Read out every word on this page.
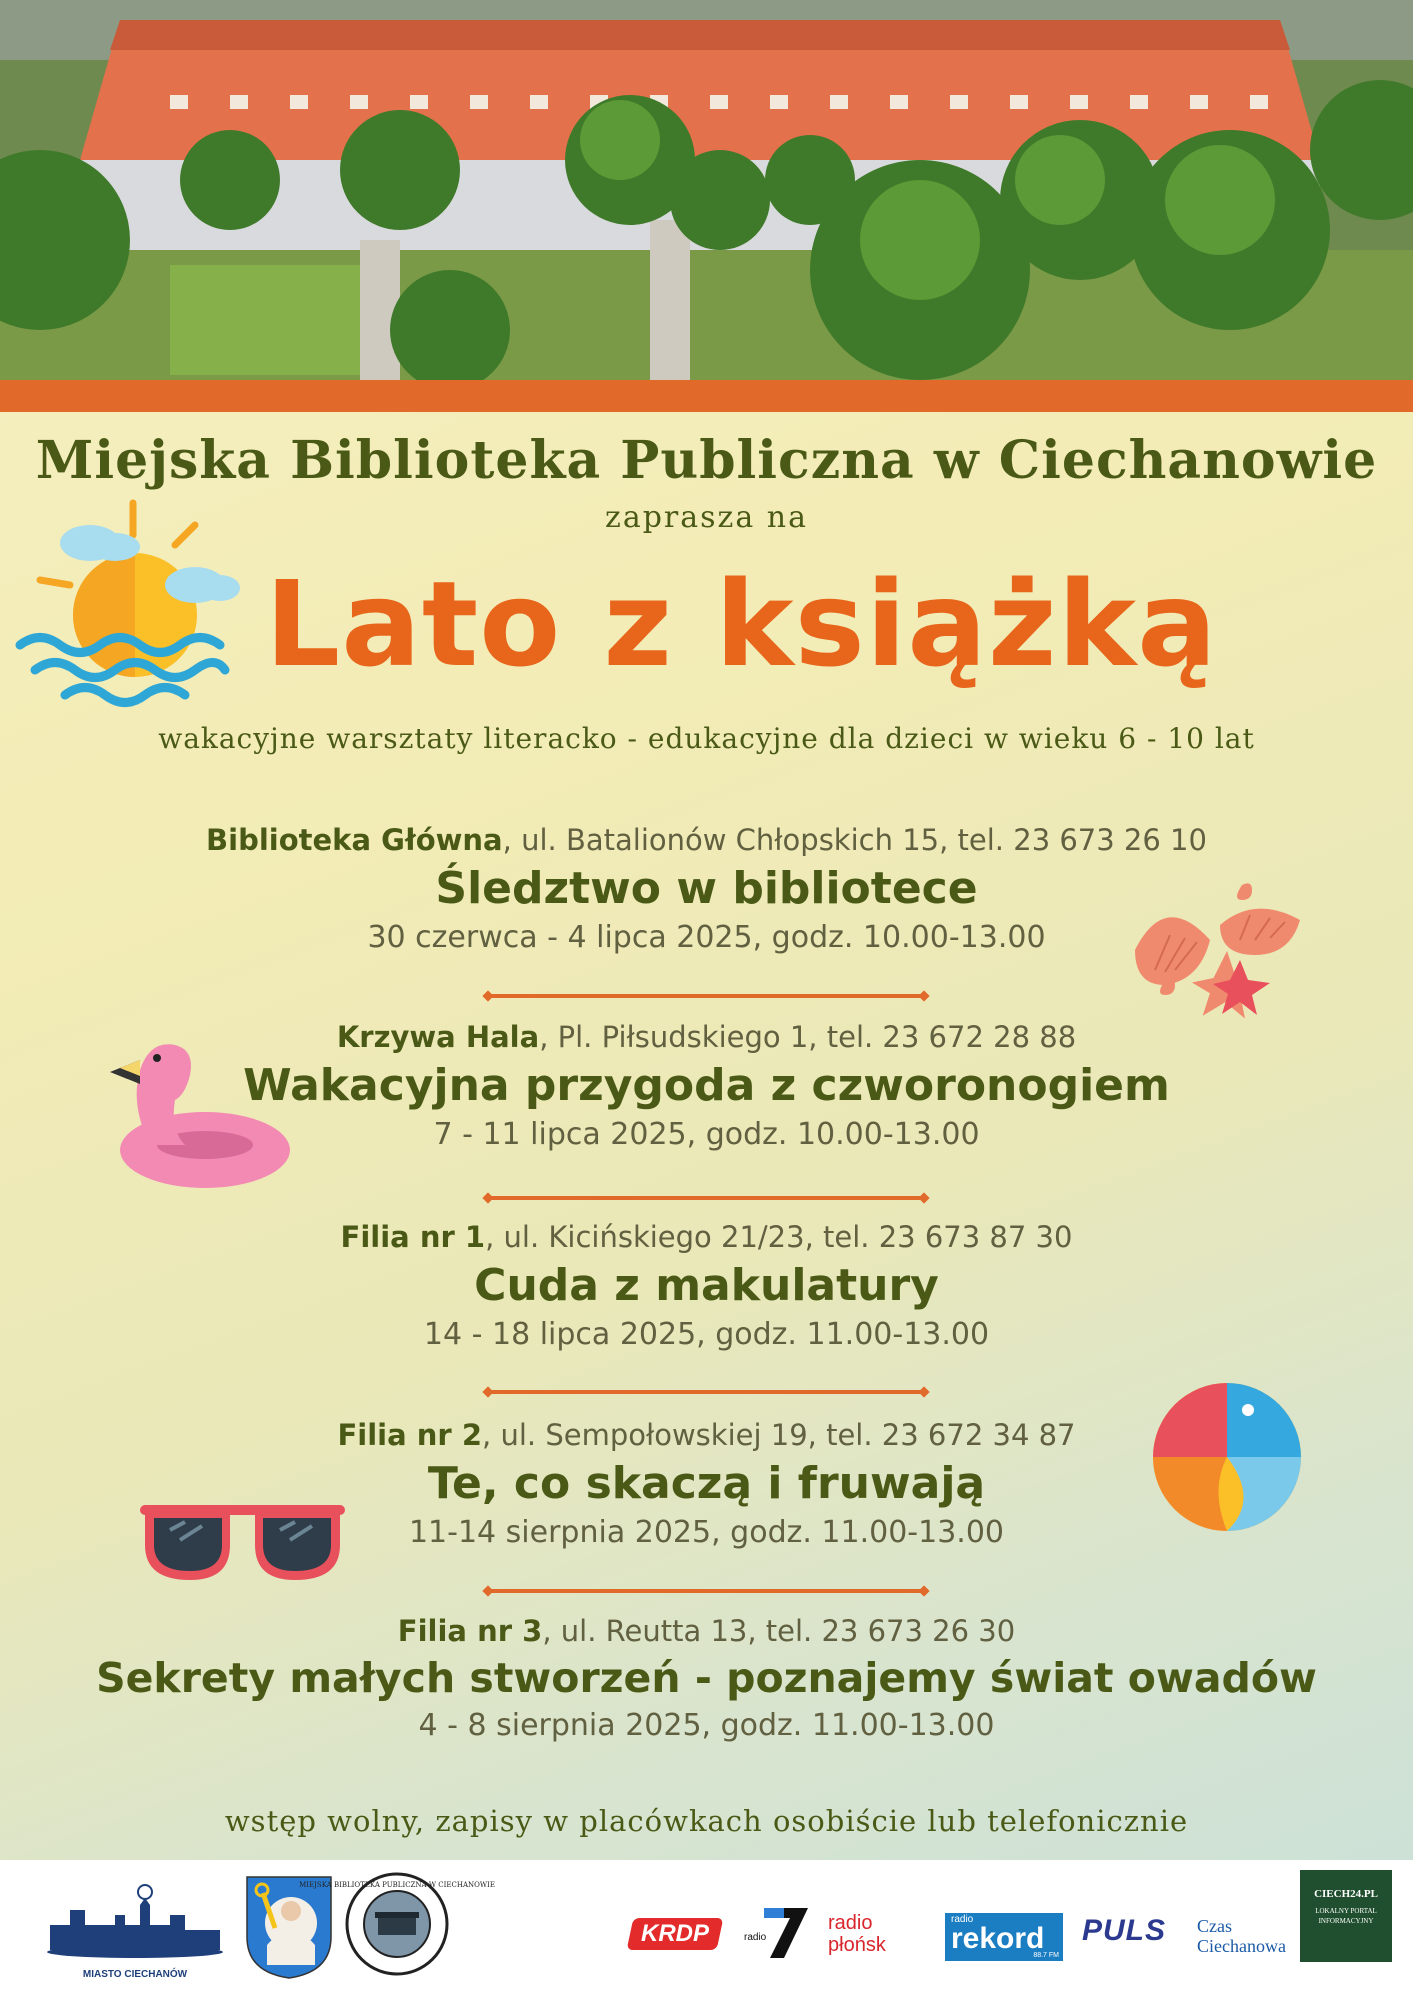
Miejska Biblioteka Publiczna w Ciechanowie
zaprasza na
Lato z książką
wakacyjne warsztaty literacko - edukacyjne dla dzieci w wieku 6 - 10 lat
Biblioteka Główna, ul. Batalionów Chłopskich 15, tel. 23 673 26 10
Śledztwo w bibliotece
30 czerwca - 4 lipca 2025, godz. 10.00-13.00
Krzywa Hala, Pl. Piłsudskiego 1, tel. 23 672 28 88
Wakacyjna przygoda z czworonogiem
7 - 11 lipca 2025, godz. 10.00-13.00
Filia nr 1, ul. Kicińskiego 21/23, tel. 23 673 87 30
Cuda z makulatury
14 - 18 lipca 2025, godz. 11.00-13.00
Filia nr 2, ul. Sempołowskiej 19, tel. 23 672 34 87
Te, co skaczą i fruwają
11-14 sierpnia 2025, godz. 11.00-13.00
Filia nr 3, ul. Reutta 13, tel. 23 673 26 30
Sekrety małych stworzeń - poznajemy świat owadów
4 - 8 sierpnia 2025, godz. 11.00-13.00
wstęp wolny, zapisy w placówkach osobiście lub telefonicznie
MIASTO CIECHANÓW
MIEJSKA BIBLIOTEKA PUBLICZNA W CIECHANOWIE
KRDP	radio
radio płońsk
radio
rekord
88.7 FM
PULS	Czas Ciechanowa
CIECH24.PL
LOKALNY PORTAL INFORMACYJNY
